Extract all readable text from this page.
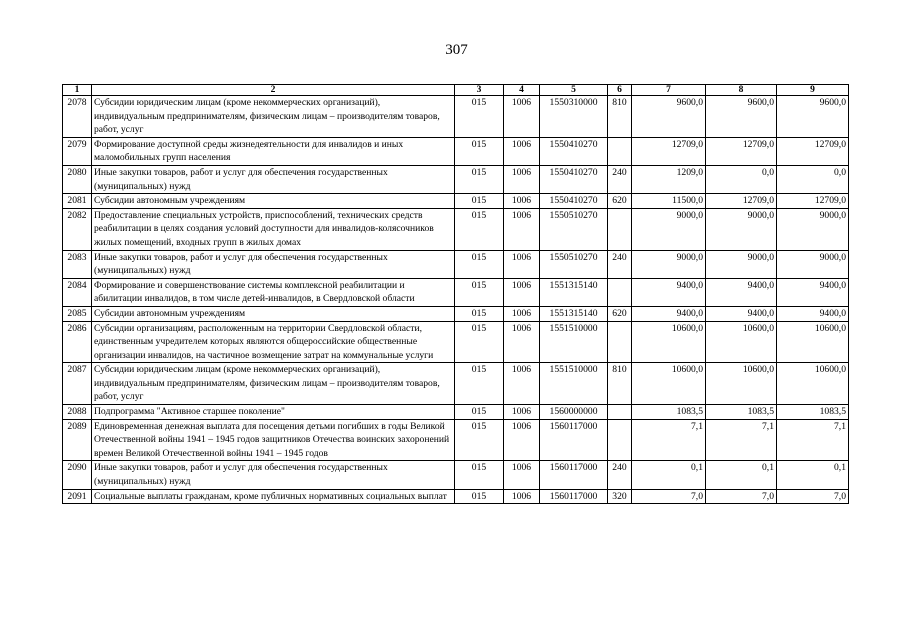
307
1	2	3	4	5	6	7	8	9
2078	Субсидии юридическим лицам (кроме некоммерческих организаций), индивидуальным предпринимателям, физическим лицам – производителям товаров, работ, услуг	015	1006	1550310000	810	9600,0	9600,0	9600,0
2079	Формирование доступной среды жизнедеятельности для инвалидов и иных маломобильных групп населения	015	1006	1550410270		12709,0	12709,0	12709,0
2080	Иные закупки товаров, работ и услуг для обеспечения государственных (муниципальных) нужд	015	1006	1550410270	240	1209,0	0,0	0,0
2081	Субсидии автономным учреждениям	015	1006	1550410270	620	11500,0	12709,0	12709,0
2082	Предоставление специальных устройств, приспособлений, технических средств реабилитации в целях создания условий доступности для инвалидов-колясочников жилых помещений, входных групп в жилых домах	015	1006	1550510270		9000,0	9000,0	9000,0
2083	Иные закупки товаров, работ и услуг для обеспечения государственных (муниципальных) нужд	015	1006	1550510270	240	9000,0	9000,0	9000,0
2084	Формирование и совершенствование системы комплексной реабилитации и абилитации инвалидов, в том числе детей-инвалидов, в Свердловской области	015	1006	1551315140		9400,0	9400,0	9400,0
2085	Субсидии автономным учреждениям	015	1006	1551315140	620	9400,0	9400,0	9400,0
2086	Субсидии организациям, расположенным на территории Свердловской области, единственным учредителем которых являются общероссийские общественные организации инвалидов, на частичное возмещение затрат на коммунальные услуги	015	1006	1551510000		10600,0	10600,0	10600,0
2087	Субсидии юридическим лицам (кроме некоммерческих организаций), индивидуальным предпринимателям, физическим лицам – производителям товаров, работ, услуг	015	1006	1551510000	810	10600,0	10600,0	10600,0
2088	Подпрограмма "Активное старшее поколение"	015	1006	1560000000		1083,5	1083,5	1083,5
2089	Единовременная денежная выплата для посещения детьми погибших в годы Великой Отечественной войны 1941 – 1945 годов защитников Отечества воинских захоронений времен Великой Отечественной войны 1941 – 1945 годов	015	1006	1560117000		7,1	7,1	7,1
2090	Иные закупки товаров, работ и услуг для обеспечения государственных (муниципальных) нужд	015	1006	1560117000	240	0,1	0,1	0,1
2091	Социальные выплаты гражданам, кроме публичных нормативных социальных выплат	015	1006	1560117000	320	7,0	7,0	7,0
